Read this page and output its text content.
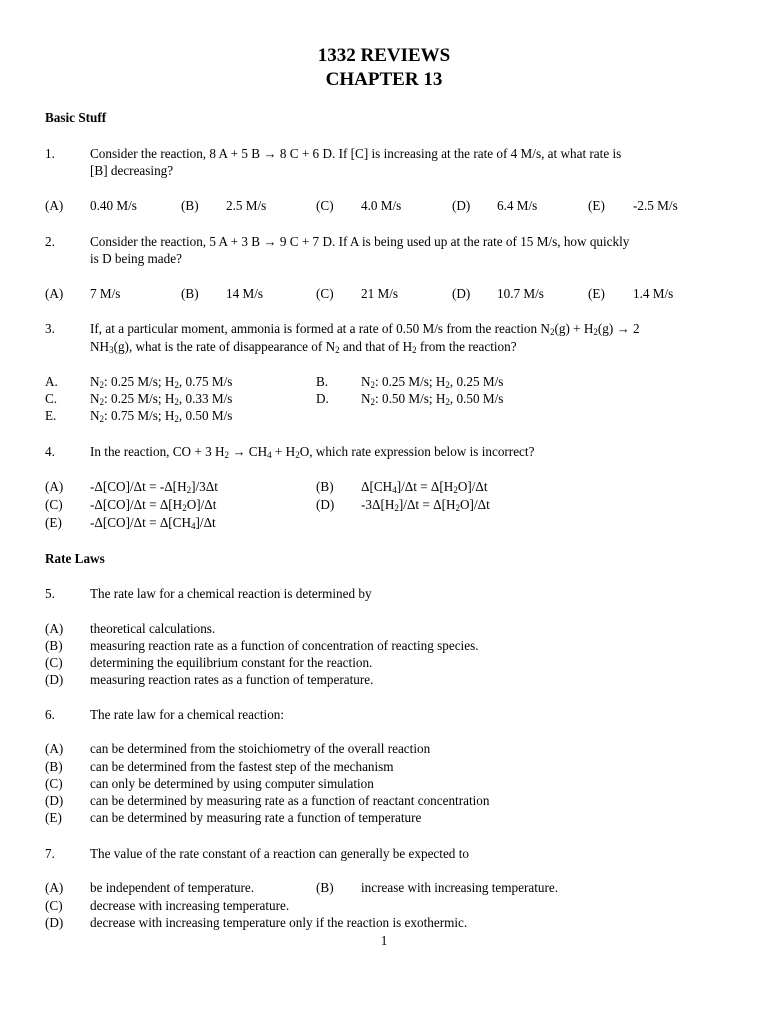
1332 REVIEWS
CHAPTER 13
Basic Stuff
1.	Consider the reaction, 8 A + 5 B → 8 C + 6 D. If [C] is increasing at the rate of 4 M/s, at what rate is
[B] decreasing?
(A) 0.40 M/s	(B) 2.5 M/s	(C) 4.0 M/s	(D) 6.4 M/s	(E) -2.5 M/s
2.	Consider the reaction, 5 A + 3 B → 9 C + 7 D. If A is being used up at the rate of 15 M/s, how quickly
is D being made?
(A) 7 M/s	(B) 14 M/s	(C) 21 M/s	(D) 10.7 M/s	(E) 1.4 M/s
3.	If, at a particular moment, ammonia is formed at a rate of 0.50 M/s from the reaction $N_2(g) + H_2(g) \to 2$
$NH_3(g)$, what is the rate of disappearance of $N_2$ and that of $H_2$ from the reaction?
A. $N_2$: 0.25 M/s; $H_2$, 0.75 M/s	B. $N_2$: 0.25 M/s; $H_2$, 0.25 M/s
C. $N_2$: 0.25 M/s; $H_2$, 0.33 M/s	D. $N_2$: 0.50 M/s; $H_2$, 0.50 M/s
E.	$N_2$: 0.75 M/s; $H_2$, 0.50 M/s
4.	In the reaction, CO + 3 $H_2 \to CH_4 + H_2O$, which rate expression below is incorrect?
(A) $-\Delta[CO]/\Delta t = -\Delta[H_2]/3\Delta t$	(B) $\Delta[CH_4]/\Delta t = \Delta[H_2O]/\Delta t$
(C) $-\Delta[CO]/\Delta t = \Delta[H_2O]/\Delta t$	(D) $-3\Delta[H_2]/\Delta t = \Delta[H_2O]/\Delta t$
(E) $-\Delta[CO]/\Delta t = \Delta[CH_4]/\Delta t$
Rate Laws
5.	The rate law for a chemical reaction is determined by
(A) theoretical calculations.
(B) measuring reaction rate as a function of concentration of reacting species.
(C) determining the equilibrium constant for the reaction.
(D) measuring reaction rates as a function of temperature.
6.	The rate law for a chemical reaction:
(A) can be determined from the stoichiometry of the overall reaction
(B) can be determined from the fastest step of the mechanism
(C) can only be determined by using computer simulation
(D) can be determined by measuring rate as a function of reactant concentration
(E) can be determined by measuring rate a function of temperature
7.	The value of the rate constant of a reaction can generally be expected to
(A) be independent of temperature.	(B) increase with increasing temperature.
(C) decrease with increasing temperature.
(D) decrease with increasing temperature only if the reaction is exothermic.
1
